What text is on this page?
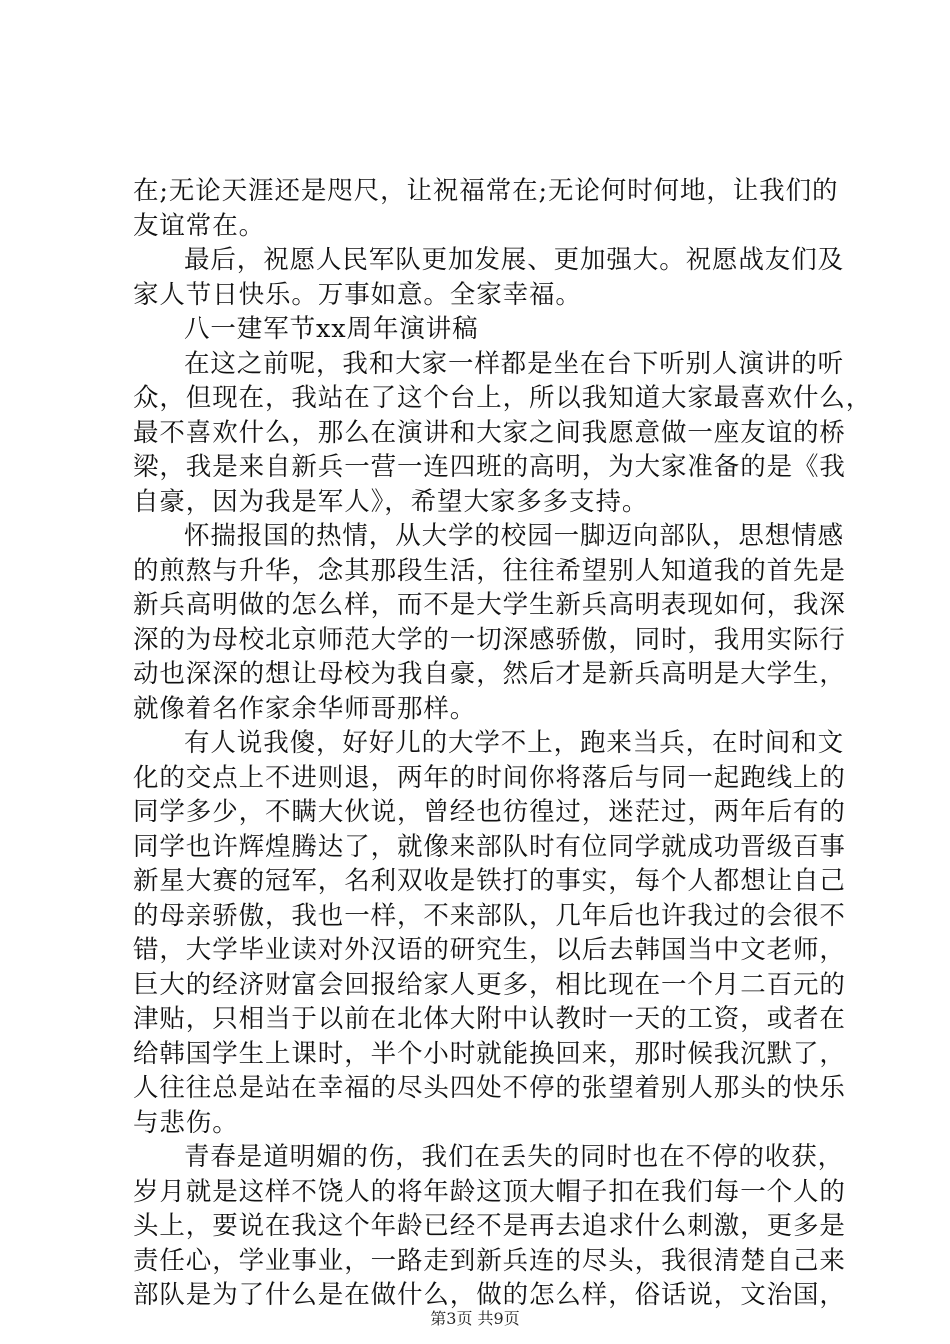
在;无论天涯还是咫尺，让祝福常在;无论何时何地，让我们的
友谊常在。
最后，祝愿人民军队更加发展、更加强大。祝愿战友们及
家人节日快乐。万事如意。全家幸福。
八一建军节xx周年演讲稿
在这之前呢，我和大家一样都是坐在台下听别人演讲的听
众，但现在，我站在了这个台上，所以我知道大家最喜欢什么，
最不喜欢什么，那么在演讲和大家之间我愿意做一座友谊的桥
梁，我是来自新兵一营一连四班的高明，为大家准备的是《我
自豪，因为我是军人》，希望大家多多支持。
怀揣报国的热情，从大学的校园一脚迈向部队，思想情感
的煎熬与升华，念其那段生活，往往希望别人知道我的首先是
新兵高明做的怎么样，而不是大学生新兵高明表现如何，我深
深的为母校北京师范大学的一切深感骄傲，同时，我用实际行
动也深深的想让母校为我自豪，然后才是新兵高明是大学生，
就像着名作家余华师哥那样。
有人说我傻，好好儿的大学不上，跑来当兵，在时间和文
化的交点上不进则退，两年的时间你将落后与同一起跑线上的
同学多少，不瞒大伙说，曾经也彷徨过，迷茫过，两年后有的
同学也许辉煌腾达了，就像来部队时有位同学就成功晋级百事
新星大赛的冠军，名利双收是铁打的事实，每个人都想让自己
的母亲骄傲，我也一样，不来部队，几年后也许我过的会很不
错，大学毕业读对外汉语的研究生，以后去韩国当中文老师，
巨大的经济财富会回报给家人更多，相比现在一个月二百元的
津贴，只相当于以前在北体大附中认教时一天的工资，或者在
给韩国学生上课时，半个小时就能换回来，那时候我沉默了，
人往往总是站在幸福的尽头四处不停的张望着别人那头的快乐
与悲伤。
青春是道明媚的伤，我们在丢失的同时也在不停的收获，
岁月就是这样不饶人的将年龄这顶大帽子扣在我们每一个人的
头上，要说在我这个年龄已经不是再去追求什么刺激，更多是
责任心，学业事业，一路走到新兵连的尽头，我很清楚自己来
部队是为了什么是在做什么，做的怎么样，俗话说，文治国，
第3页 共9页
